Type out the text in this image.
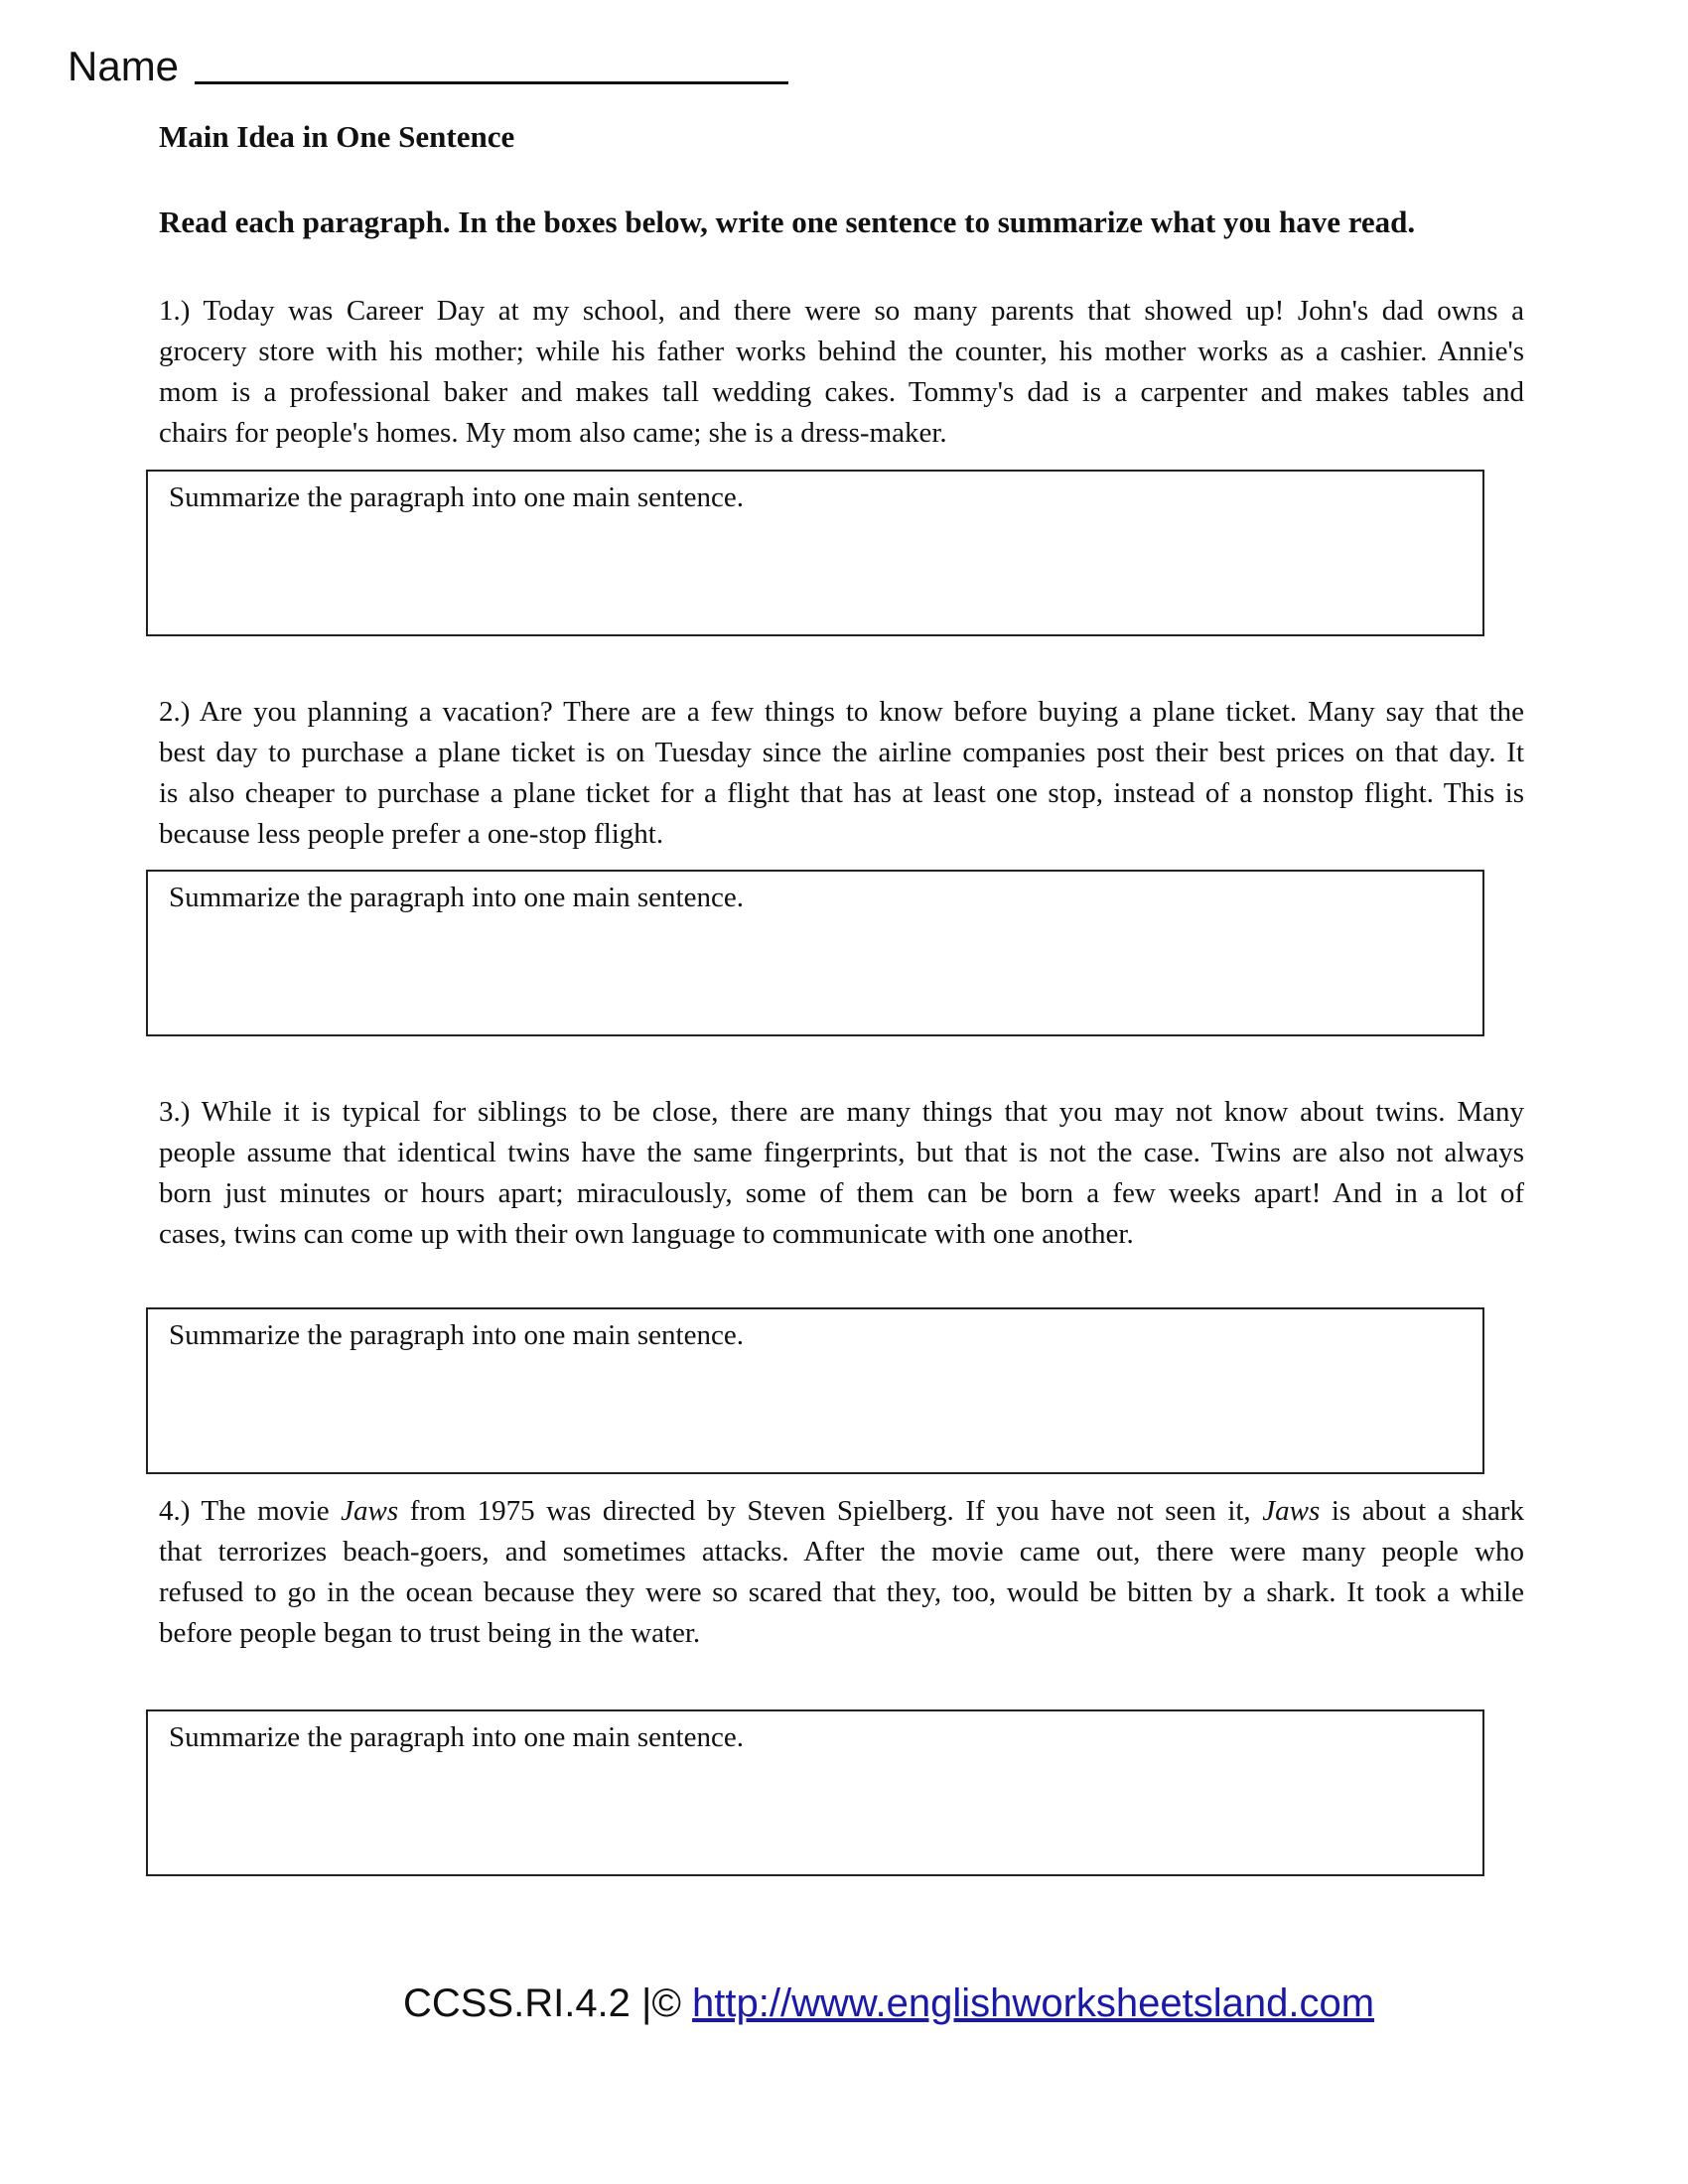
Name
Main Idea in One Sentence
Read each paragraph. In the boxes below, write one sentence to summarize what you have read.
1.) Today was Career Day at my school, and there were so many parents that showed up! John's dad owns a
grocery store with his mother; while his father works behind the counter, his mother works as a cashier. Annie's
mom is a professional baker and makes tall wedding cakes. Tommy's dad is a carpenter and makes tables and
chairs for people's homes. My mom also came; she is a dress-maker.
Summarize the paragraph into one main sentence.
2.) Are you planning a vacation? There are a few things to know before buying a plane ticket. Many say that the
best day to purchase a plane ticket is on Tuesday since the airline companies post their best prices on that day. It
is also cheaper to purchase a plane ticket for a flight that has at least one stop, instead of a nonstop flight. This is
because less people prefer a one-stop flight.
Summarize the paragraph into one main sentence.
3.) While it is typical for siblings to be close, there are many things that you may not know about twins. Many
people assume that identical twins have the same fingerprints, but that is not the case. Twins are also not always
born just minutes or hours apart; miraculously, some of them can be born a few weeks apart! And in a lot of
cases, twins can come up with their own language to communicate with one another.
Summarize the paragraph into one main sentence.
4.) The movie Jaws from 1975 was directed by Steven Spielberg. If you have not seen it, Jaws is about a shark
that terrorizes beach-goers, and sometimes attacks. After the movie came out, there were many people who
refused to go in the ocean because they were so scared that they, too, would be bitten by a shark. It took a while
before people began to trust being in the water.
Summarize the paragraph into one main sentence.
CCSS.RI.4.2 |© http://www.englishworksheetsland.com
